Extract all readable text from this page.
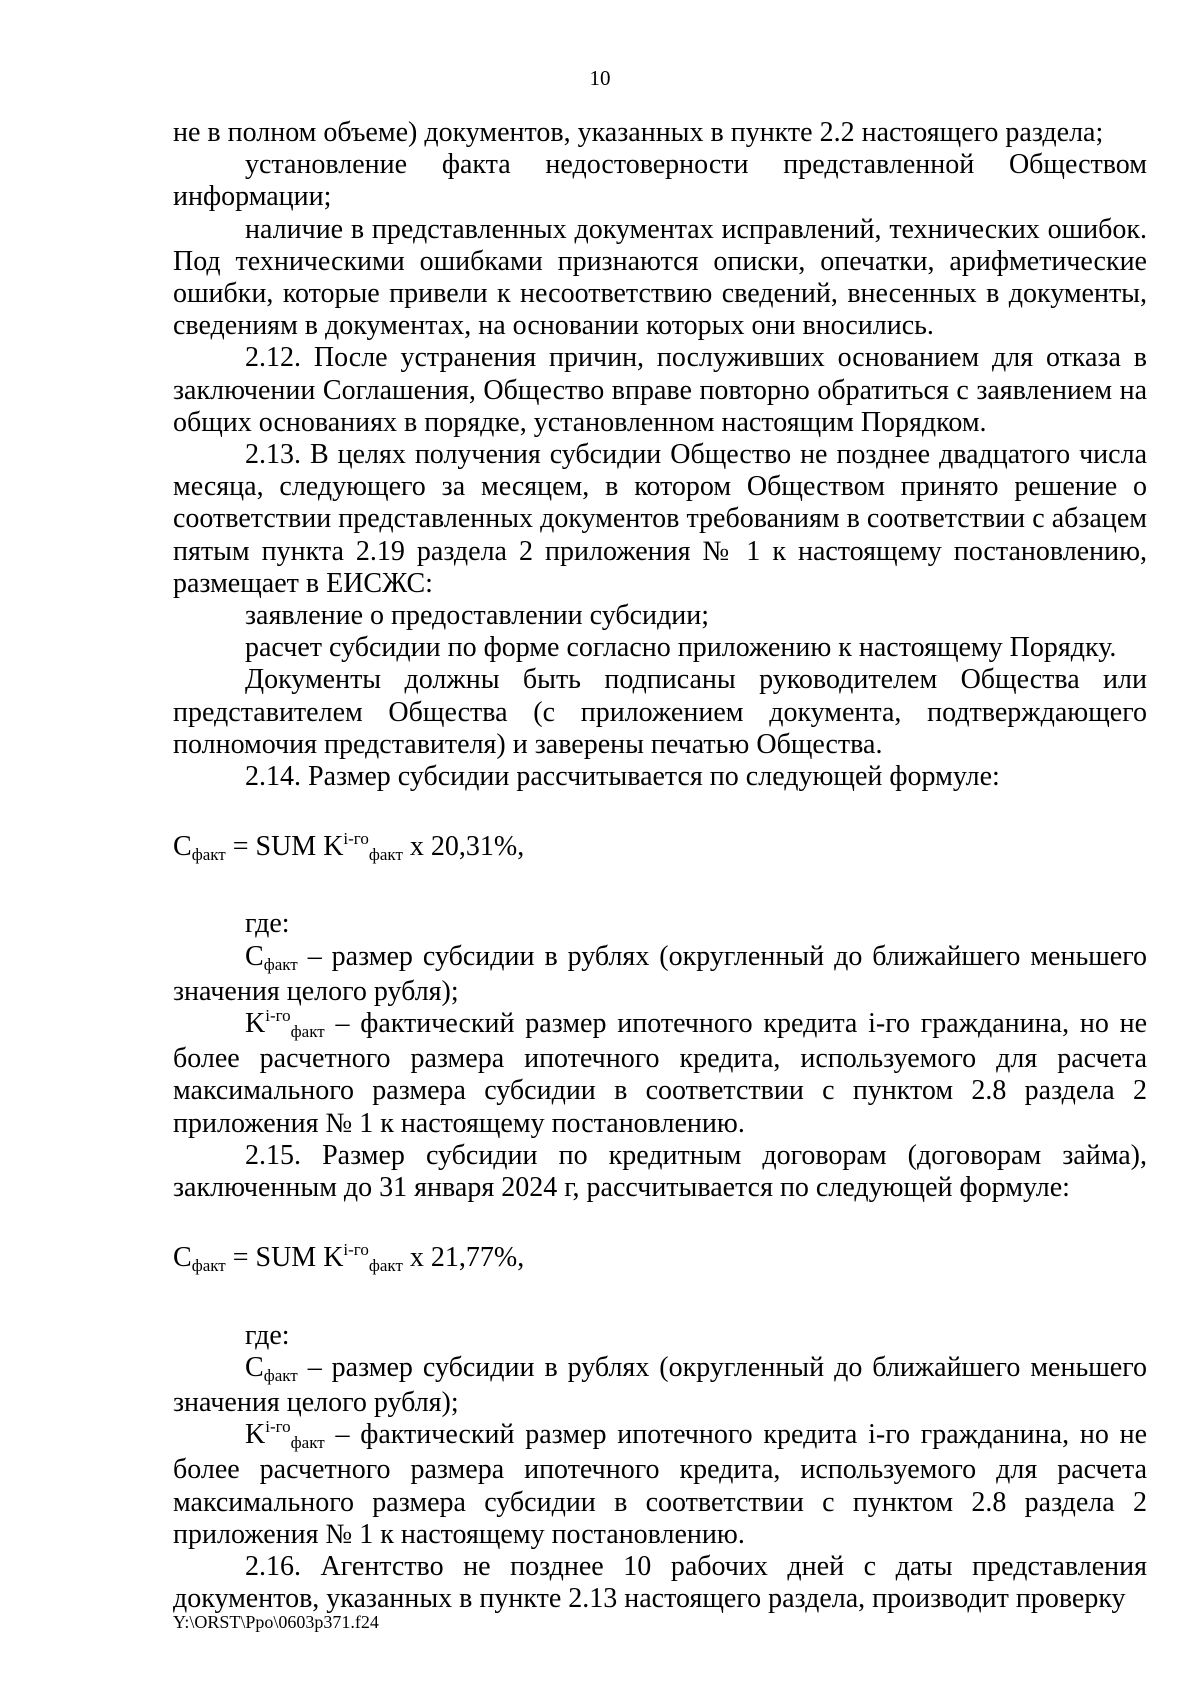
10

не в полном объеме) документов, указанных в пункте 2.2 настоящего раздела;

установление факта недостоверности представленной Обществом информации;

наличие в представленных документах исправлений, технических ошибок. Под техническими ошибками признаются описки, опечатки, арифметические ошибки, которые привели к несоответствию сведений, внесенных в документы, сведениям в документах, на основании которых они вносились.

2.12. После устранения причин, послуживших основанием для отказа в заключении Соглашения, Общество вправе повторно обратиться с заявлением на общих основаниях в порядке, установленном настоящим Порядком.

2.13. В целях получения субсидии Общество не позднее двадцатого числа месяца, следующего за месяцем, в котором Обществом принято решение о соответствии представленных документов требованиям в соответствии с абзацем пятым пункта 2.19 раздела 2 приложения № 1 к настоящему постановлению, размещает в ЕИСЖС:

заявление о предоставлении субсидии;

расчет субсидии по форме согласно приложению к настоящему Порядку.

Документы должны быть подписаны руководителем Общества или представителем Общества (с приложением документа, подтверждающего полномочия представителя) и заверены печатью Общества.

2.14. Размер субсидии рассчитывается по следующей формуле:

Сфакт = SUM $K^{i-го}факт$ x 20,31%,

где:

Сфакт – размер субсидии в рублях (округленный до ближайшего меньшего значения целого рубля);

$K^{i-го}факт$ – фактический размер ипотечного кредита i-го гражданина, но не более расчетного размера ипотечного кредита, используемого для расчета максимального размера субсидии в соответствии с пунктом 2.8 раздела 2 приложения № 1 к настоящему постановлению.

2.15. Размер субсидии по кредитным договорам (договорам займа), заключенным до 31 января 2024 г, рассчитывается по следующей формуле:

Сфакт = SUM $K^{i-го}факт$ x 21,77%,

где:

Сфакт – размер субсидии в рублях (округленный до ближайшего меньшего значения целого рубля);

$K^{i-го}факт$ – фактический размер ипотечного кредита i-го гражданина, но не более расчетного размера ипотечного кредита, используемого для расчета максимального размера субсидии в соответствии с пунктом 2.8 раздела 2 приложения № 1 к настоящему постановлению.

2.16. Агентство не позднее 10 рабочих дней с даты представления документов, указанных в пункте 2.13 настоящего раздела, производит проверку

Y:\ORST\Ppo\0603p371.f24
